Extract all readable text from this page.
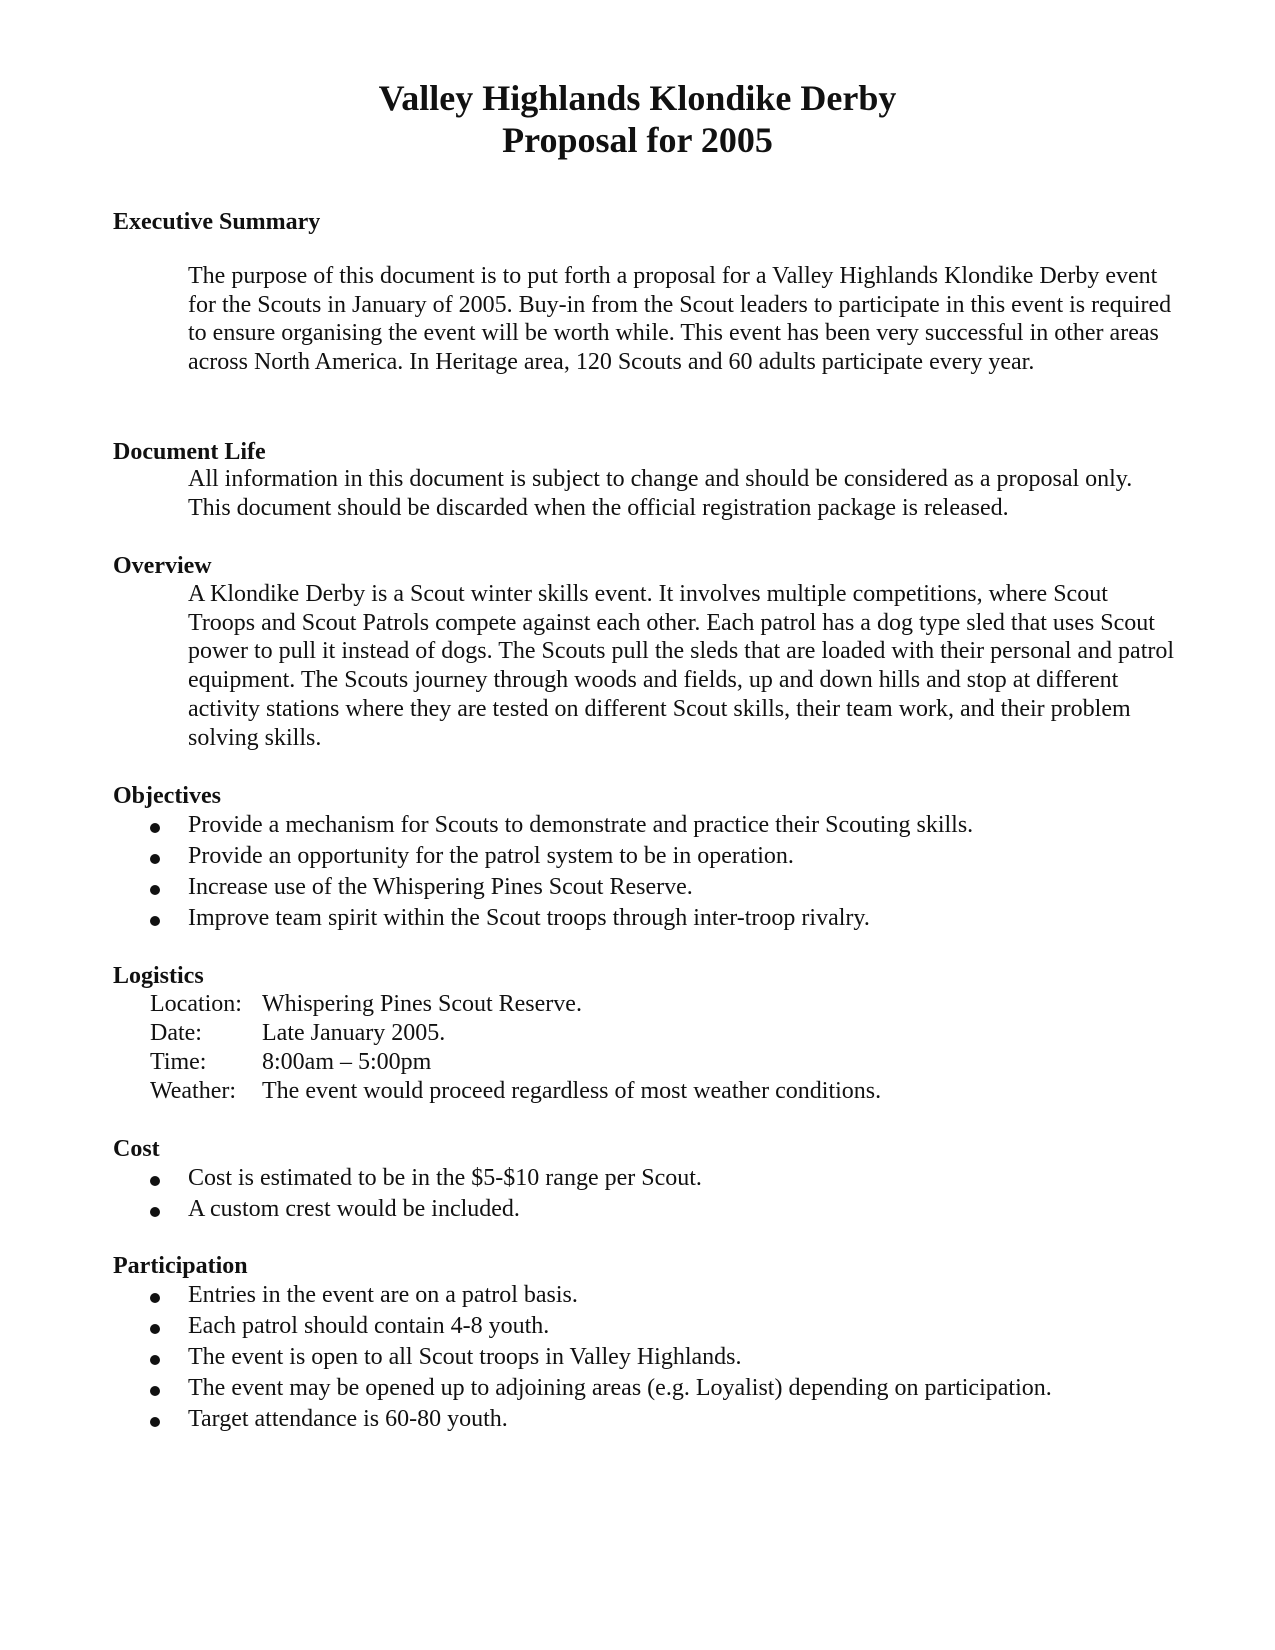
Valley Highlands Klondike Derby
Proposal for 2005
Executive Summary

The purpose of this document is to put forth a proposal for a Valley Highlands Klondike Derby event for the Scouts in January of 2005. Buy-in from the Scout leaders to participate in this event is required to ensure organising the event will be worth while. This event has been very successful in other areas across North America. In Heritage area, 120 Scouts and 60 adults participate every year.

Document Life

All information in this document is subject to change and should be considered as a proposal only. This document should be discarded when the official registration package is released.

Overview

A Klondike Derby is a Scout winter skills event. It involves multiple competitions, where Scout Troops and Scout Patrols compete against each other. Each patrol has a dog type sled that uses Scout power to pull it instead of dogs. The Scouts pull the sleds that are loaded with their personal and patrol equipment. The Scouts journey through woods and fields, up and down hills and stop at different activity stations where they are tested on different Scout skills, their team work, and their problem solving skills.

Objectives
Provide a mechanism for Scouts to demonstrate and practice their Scouting skills.
Provide an opportunity for the patrol system to be in operation.
Increase use of the Whispering Pines Scout Reserve.
Improve team spirit within the Scout troops through inter-troop rivalry.
Logistics
Location: Whispering Pines Scout Reserve.
Date:	Late January 2005.
Time:	8:00am – 5:00pm
Weather:	The event would proceed regardless of most weather conditions.
Cost
Cost is estimated to be in the $5-$10 range per Scout.
A custom crest would be included.
Participation
Entries in the event are on a patrol basis.
Each patrol should contain 4-8 youth.
The event is open to all Scout troops in Valley Highlands.
The event may be opened up to adjoining areas (e.g. Loyalist) depending on participation.
Target attendance is 60-80 youth.
